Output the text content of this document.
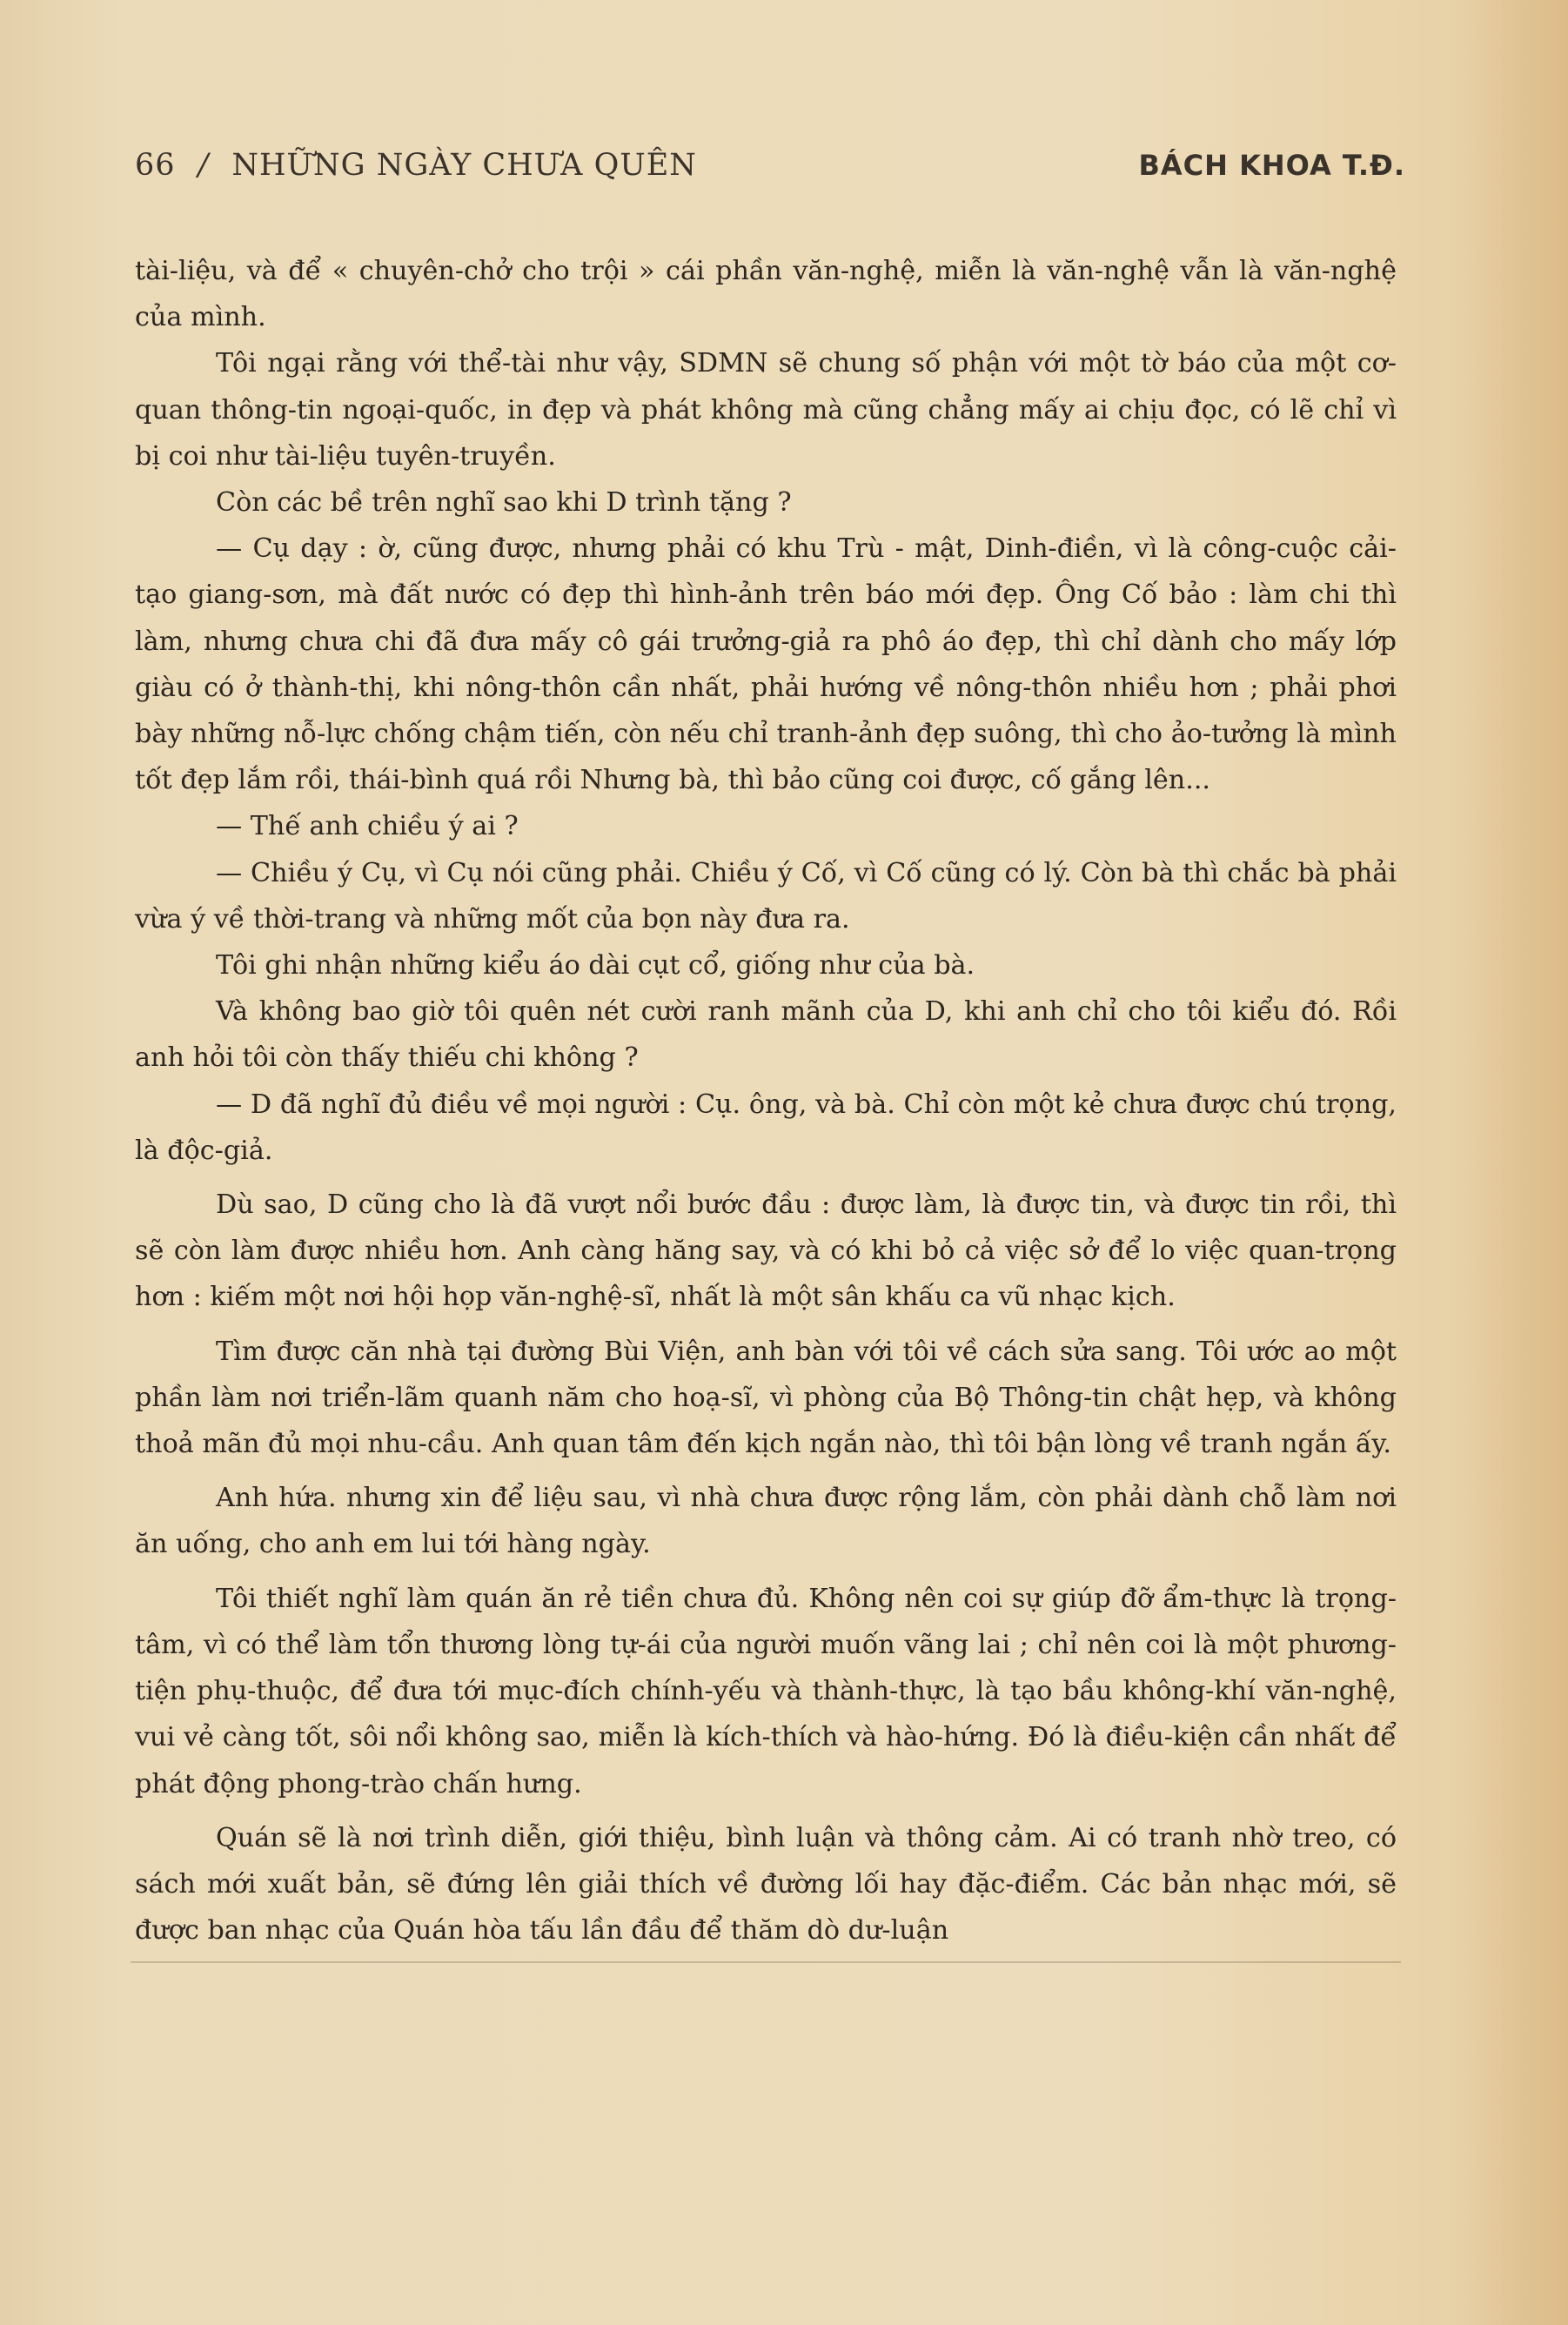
66 / NHỮNG NGÀY CHƯA QUÊN	BÁCH KHOA T.Đ.

tài-liệu, và để « chuyên-chở cho trội » cái phần văn-nghệ, miễn là văn-nghệ vẫn là văn-nghệ của mình.

Tôi ngại rằng với thể-tài như vậy, SDMN sẽ chung số phận với một tờ báo của một cơ-quan thông-tin ngoại-quốc, in đẹp và phát không mà cũng chẳng mấy ai chịu đọc, có lẽ chỉ vì bị coi như tài-liệu tuyên-truyền.

Còn các bề trên nghĩ sao khi D trình tặng ?

— Cụ dạy : ờ, cũng được, nhưng phải có khu Trù - mật, Dinh-điền, vì là công-cuộc cải-tạo giang-sơn, mà đất nước có đẹp thì hình-ảnh trên báo mới đẹp. Ông Cố bảo : làm chi thì làm, nhưng chưa chi đã đưa mấy cô gái trưởng-giả ra phô áo đẹp, thì chỉ dành cho mấy lớp giàu có ở thành-thị, khi nông-thôn cần nhất, phải hướng về nông-thôn nhiều hơn ; phải phơi bày những nỗ-lực chống chậm tiến, còn nếu chỉ tranh-ảnh đẹp suông, thì cho ảo-tưởng là mình tốt đẹp lắm rồi, thái-bình quá rồi Nhưng bà, thì bảo cũng coi được, cố gắng lên...

— Thế anh chiều ý ai ?

— Chiều ý Cụ, vì Cụ nói cũng phải. Chiều ý Cố, vì Cố cũng có lý. Còn bà thì chắc bà phải vừa ý về thời-trang và những mốt của bọn này đưa ra.

Tôi ghi nhận những kiểu áo dài cụt cổ, giống như của bà.

Và không bao giờ tôi quên nét cười ranh mãnh của D, khi anh chỉ cho tôi kiểu đó. Rồi anh hỏi tôi còn thấy thiếu chi không ?

— D đã nghĩ đủ điều về mọi người : Cụ. ông, và bà. Chỉ còn một kẻ chưa được chú trọng, là độc-giả.

Dù sao, D cũng cho là đã vượt nổi bước đầu : được làm, là được tin, và được tin rồi, thì sẽ còn làm được nhiều hơn. Anh càng hăng say, và có khi bỏ cả việc sở để lo việc quan-trọng hơn : kiếm một nơi hội họp văn-nghệ-sĩ, nhất là một sân khấu ca vũ nhạc kịch.

Tìm được căn nhà tại đường Bùi Viện, anh bàn với tôi về cách sửa sang. Tôi ước ao một phần làm nơi triển-lãm quanh năm cho hoạ-sĩ, vì phòng của Bộ Thông-tin chật hẹp, và không thoả mãn đủ mọi nhu-cầu. Anh quan tâm đến kịch ngắn nào, thì tôi bận lòng về tranh ngắn ấy.

Anh hứa. nhưng xin để liệu sau, vì nhà chưa được rộng lắm, còn phải dành chỗ làm nơi ăn uống, cho anh em lui tới hàng ngày.

Tôi thiết nghĩ làm quán ăn rẻ tiền chưa đủ. Không nên coi sự giúp đỡ ẩm-thực là trọng-tâm, vì có thể làm tổn thương lòng tự-ái của người muốn vãng lai ; chỉ nên coi là một phương-tiện phụ-thuộc, để đưa tới mục-đích chính-yếu và thành-thực, là tạo bầu không-khí văn-nghệ, vui vẻ càng tốt, sôi nổi không sao, miễn là kích-thích và hào-hứng. Đó là điều-kiện cần nhất để phát động phong-trào chấn hưng.

Quán sẽ là nơi trình diễn, giới thiệu, bình luận và thông cảm. Ai có tranh nhờ treo, có sách mới xuất bản, sẽ đứng lên giải thích về đường lối hay đặc-điểm. Các bản nhạc mới, sẽ được ban nhạc của Quán hòa tấu lần đầu để thăm dò dư-luận
